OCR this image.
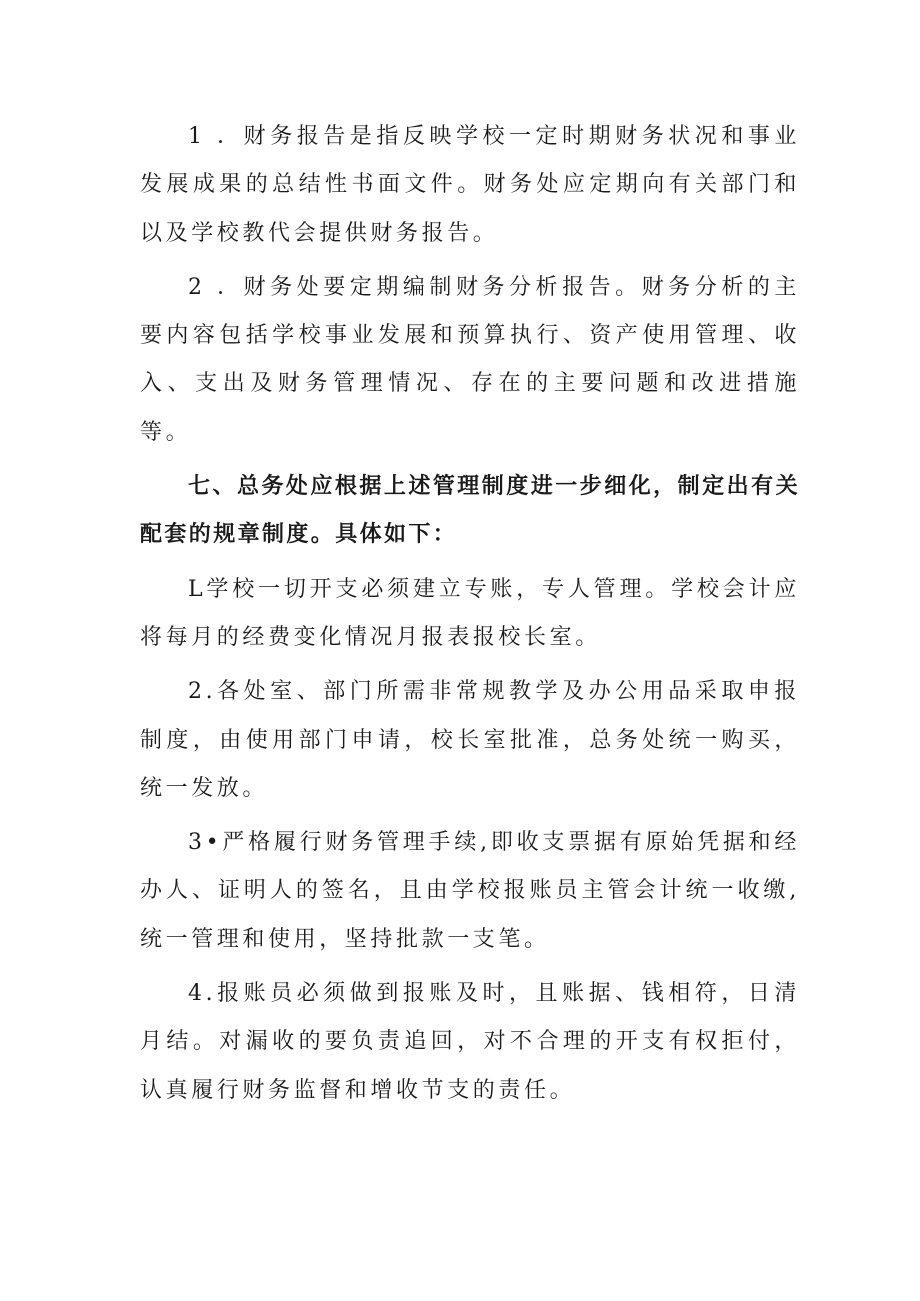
1 ．财务报告是指反映学校一定时期财务状况和事业发展成果的总结性书面文件。财务处应定期向有关部门和以及学校教代会提供财务报告。

2 ．财务处要定期编制财务分析报告。财务分析的主要内容包括学校事业发展和预算执行、资产使用管理、收入、支出及财务管理情况、存在的主要问题和改进措施等。

七、总务处应根据上述管理制度进一步细化，制定出有关配套的规章制度。具体如下：

L学校一切开支必须建立专账，专人管理。学校会计应将每月的经费变化情况月报表报校长室。

2.各处室、部门所需非常规教学及办公用品采取申报制度，由使用部门申请，校长室批准，总务处统一购买，统一发放。

3•严格履行财务管理手续,即收支票据有原始凭据和经办人、证明人的签名，且由学校报账员主管会计统一收缴,统一管理和使用，坚持批款一支笔。

4.报账员必须做到报账及时，且账据、钱相符，日清月结。对漏收的要负责追回，对不合理的开支有权拒付，认真履行财务监督和增收节支的责任。
